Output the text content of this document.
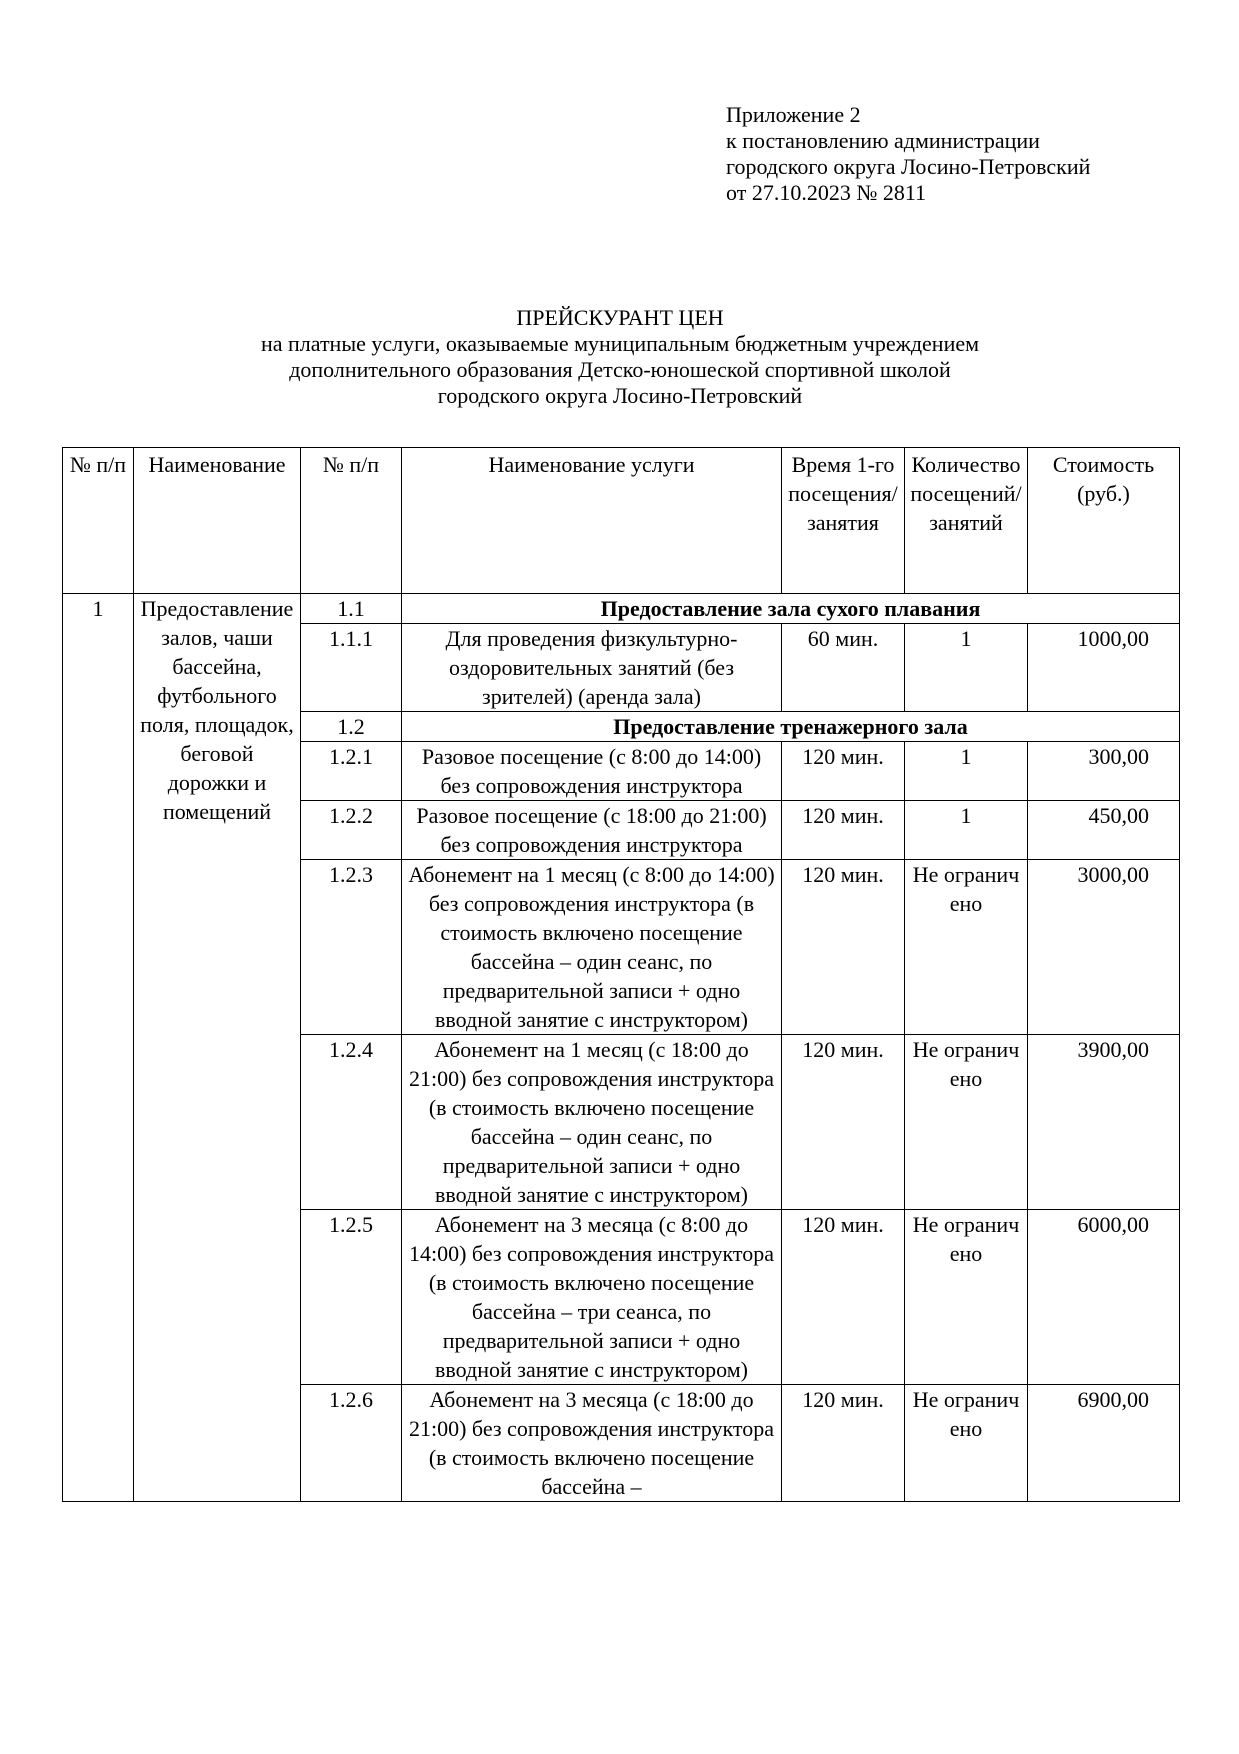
Приложение 2
к постановлению администрации
городского округа Лосино-Петровский
от 27.10.2023 № 2811
ПРЕЙСКУРАНТ ЦЕН
на платные услуги, оказываемые муниципальным бюджетным учреждением
дополнительного образования Детско-юношеской спортивной школой
городского округа Лосино-Петровский
№ п/п	Наименование	№ п/п	Наименование услуги	Время 1-го посещения/занятия	Количество посещений/занятий	Стоимость (руб.)
1	Предоставление залов, чаши бассейна, футбольного поля, площадок, беговой дорожки и помещений	1.1	Предоставление зала сухого плавания			
		1.1.1	Для проведения физкультурно-оздоровительных занятий (без зрителей) (аренда зала)	60 мин.	1	1000,00
		1.2	Предоставление тренажерного зала			
		1.2.1	Разовое посещение (с 8:00 до 14:00) без сопровождения инструктора	120 мин.	1	300,00
		1.2.2	Разовое посещение (с 18:00 до 21:00) без сопровождения инструктора	120 мин.	1	450,00
		1.2.3	Абонемент на 1 месяц (с 8:00 до 14:00) без сопровождения инструктора (в стоимость включено посещение бассейна – один сеанс, по предварительной записи + одно вводной занятие с инструктором)	120 мин.	Не ограничено	3000,00
		1.2.4	Абонемент на 1 месяц (с 18:00 до 21:00) без сопровождения инструктора (в стоимость включено посещение бассейна – один сеанс, по предварительной записи + одно вводной занятие с инструктором)	120 мин.	Не ограничено	3900,00
		1.2.5	Абонемент на 3 месяца (с 8:00 до 14:00) без сопровождения инструктора (в стоимость включено посещение бассейна – три сеанса, по предварительной записи + одно вводной занятие с инструктором)	120 мин.	Не ограничено	6000,00
		1.2.6	Абонемент на 3 месяца (с 18:00 до 21:00) без сопровождения инструктора (в стоимость включено посещение бассейна –	120 мин.	Не ограничено	6900,00
